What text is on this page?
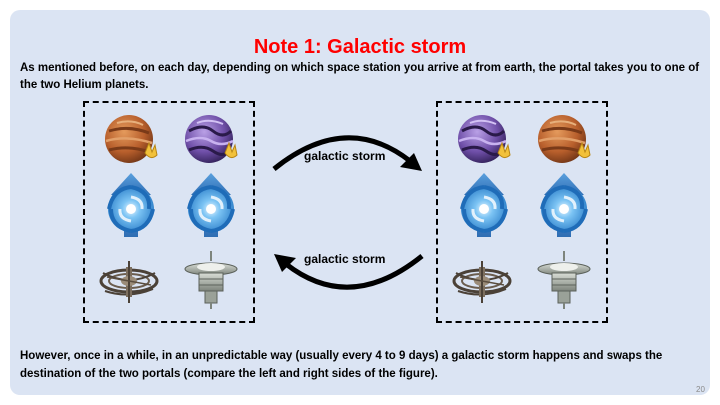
Note 1: Galactic storm
As mentioned before, on each day, depending on which space station you arrive at from earth, the portal takes you to one of the two Helium planets.
galactic storm
galactic storm
However, once in a while, in an unpredictable way (usually every 4 to 9 days) a galactic storm happens and swaps the destination of the two portals (compare the left and right sides of the figure).
20
